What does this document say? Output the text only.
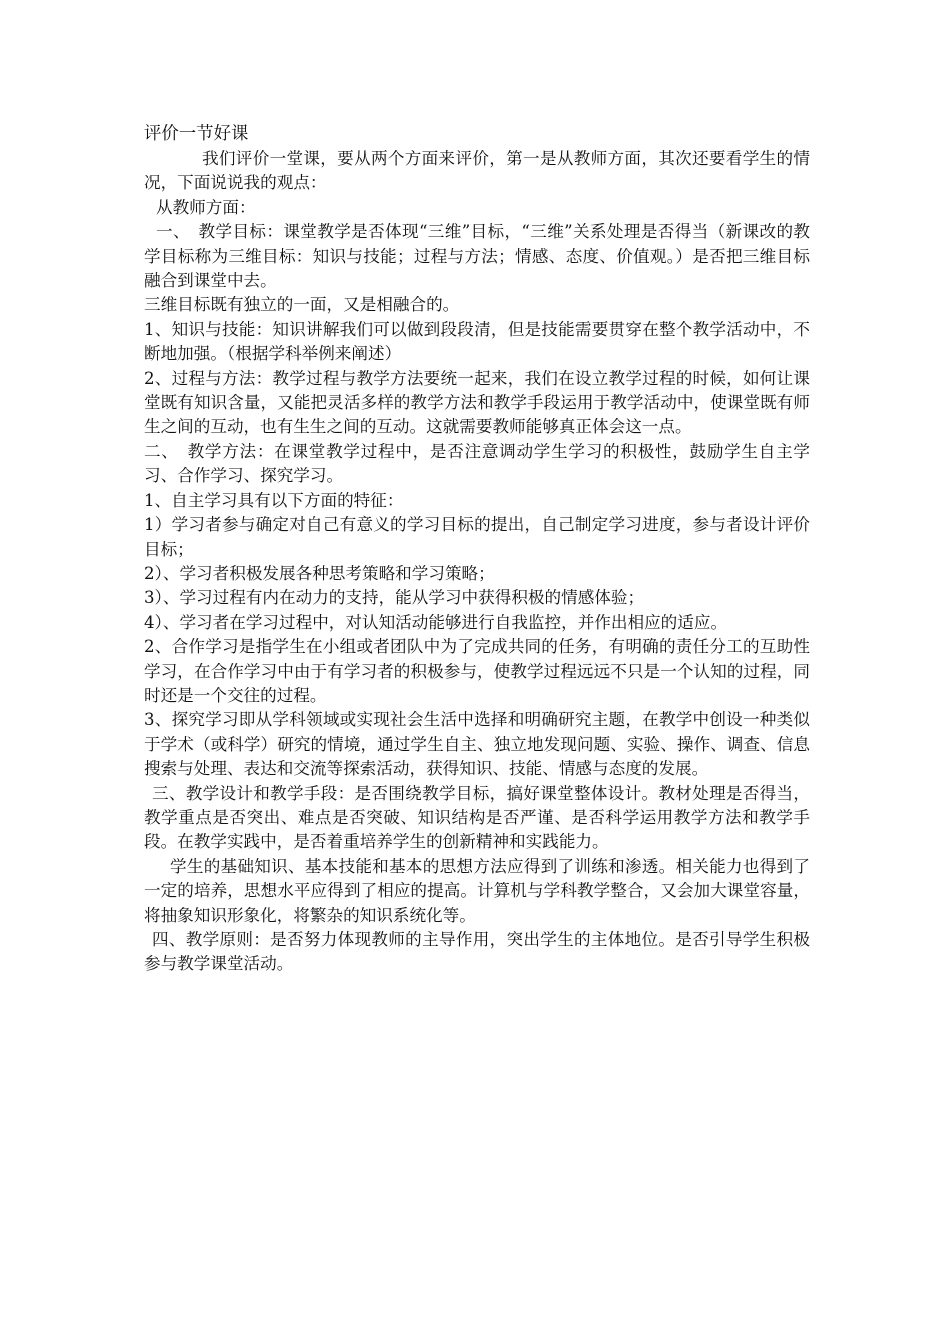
评价一节好课

我们评价一堂课，要从两个方面来评价，第一是从教师方面，其次还要看学生的情况，下面说说我的观点：

从教师方面：

一、　教学目标：课堂教学是否体现“三维”目标，“三维”关系处理是否得当（新课改的教学目标称为三维目标：知识与技能；过程与方法；情感、态度、价值观。）是否把三维目标融合到课堂中去。

三维目标既有独立的一面，又是相融合的。

1、知识与技能：知识讲解我们可以做到段段清，但是技能需要贯穿在整个教学活动中，不断地加强。（根据学科举例来阐述）

2、过程与方法：教学过程与教学方法要统一起来，我们在设立教学过程的时候，如何让课堂既有知识含量，又能把灵活多样的教学方法和教学手段运用于教学活动中，使课堂既有师生之间的互动，也有生生之间的互动。这就需要教师能够真正体会这一点。

二、　教学方法：在课堂教学过程中，是否注意调动学生学习的积极性，鼓励学生自主学习、合作学习、探究学习。

1、自主学习具有以下方面的特征：

1）学习者参与确定对自己有意义的学习目标的提出，自己制定学习进度，参与者设计评价目标；

2）、学习者积极发展各种思考策略和学习策略；

3）、学习过程有内在动力的支持，能从学习中获得积极的情感体验；

4）、学习者在学习过程中，对认知活动能够进行自我监控，并作出相应的适应。

2、合作学习是指学生在小组或者团队中为了完成共同的任务，有明确的责任分工的互助性学习，在合作学习中由于有学习者的积极参与，使教学过程远远不只是一个认知的过程，同时还是一个交往的过程。

3、探究学习即从学科领域或实现社会生活中选择和明确研究主题，在教学中创设一种类似于学术（或科学）研究的情境，通过学生自主、独立地发现问题、实验、操作、调查、信息搜索与处理、表达和交流等探索活动，获得知识、技能、情感与态度的发展。

三、教学设计和教学手段：是否围绕教学目标，搞好课堂整体设计。教材处理是否得当，教学重点是否突出、难点是否突破、知识结构是否严谨、是否科学运用教学方法和教学手段。在教学实践中，是否着重培养学生的创新精神和实践能力。

学生的基础知识、基本技能和基本的思想方法应得到了训练和渗透。相关能力也得到了一定的培养，思想水平应得到了相应的提高。计算机与学科教学整合，又会加大课堂容量，将抽象知识形象化，将繁杂的知识系统化等。

四、教学原则：是否努力体现教师的主导作用，突出学生的主体地位。是否引导学生积极参与教学课堂活动。
